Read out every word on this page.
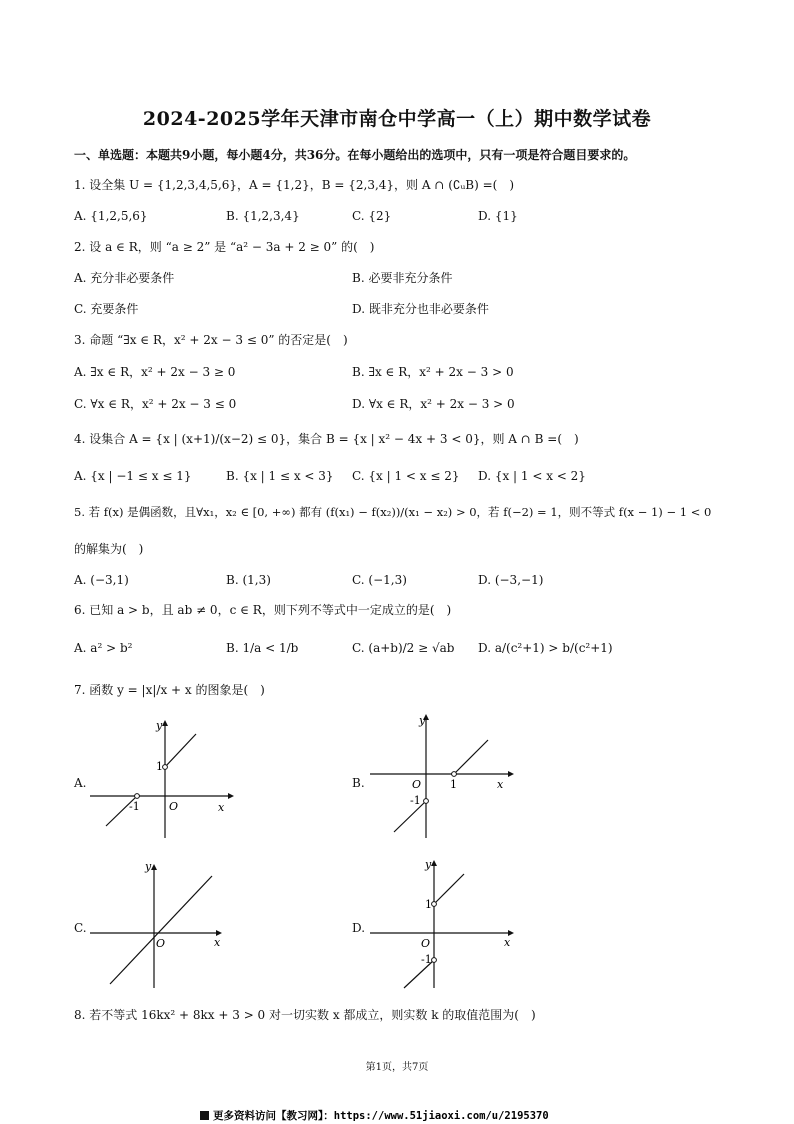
2024-2025学年天津市南仓中学高一（上）期中数学试卷
一、单选题：本题共9小题，每小题4分，共36分。在每小题给出的选项中，只有一项是符合题目要求的。
1. 设全集 U = {1,2,3,4,5,6}，A = {1,2}，B = {2,3,4}，则 A ∩ (∁ᵤB) =(　)
A. {1,2,5,6}	B. {1,2,3,4}	C. {2}	D. {1}
2. 设 a ∈ R，则 “a ≥ 2” 是 “a² − 3a + 2 ≥ 0” 的(　)
A. 充分非必要条件	B. 必要非充分条件
C. 充要条件	D. 既非充分也非必要条件
3. 命题 “∃x ∈ R，x² + 2x − 3 ≤ 0” 的否定是(　)
A. ∃x ∈ R，x² + 2x − 3 ≥ 0	B. ∃x ∈ R，x² + 2x − 3 > 0
C. ∀x ∈ R，x² + 2x − 3 ≤ 0	D. ∀x ∈ R，x² + 2x − 3 > 0
4. 设集合 A = {x | (x+1)/(x−2) ≤ 0}，集合 B = {x | x² − 4x + 3 < 0}，则 A ∩ B =(　)
A. {x | −1 ≤ x ≤ 1}	B. {x | 1 ≤ x < 3} C. {x | 1 < x ≤ 2} D. {x | 1 < x < 2}
5. 若 f(x) 是偶函数，且∀x₁，x₂ ∈ [0, +∞) 都有 (f(x₁) − f(x₂))/(x₁ − x₂) > 0，若 f(−2) = 1，则不等式 f(x − 1) − 1 < 0
的解集为(　)
A. (−3,1)	B. (1,3)	C. (−1,3)	D. (−3,−1)
6. 已知 a > b，且 ab ≠ 0，c ∈ R，则下列不等式中一定成立的是(　)
A. a² > b²	B. 1/a < 1/b	C. (a+b)/2 ≥ √ab D. a/(c²+1) > b/(c²+1)
7. 函数 y = |x|/x + x 的图象是(　)
A.	B.
C.	D.
y
x
O
1
-1
y
x
O	1
-1
y
x
O
y
x
O
1
-1
8. 若不等式 16kx² + 8kx + 3 > 0 对一切实数 x 都成立，则实数 k 的取值范围为(　)
第1页，共7页
更多资料访问【教习网】：https://www.51jiaoxi.com/u/2195370
